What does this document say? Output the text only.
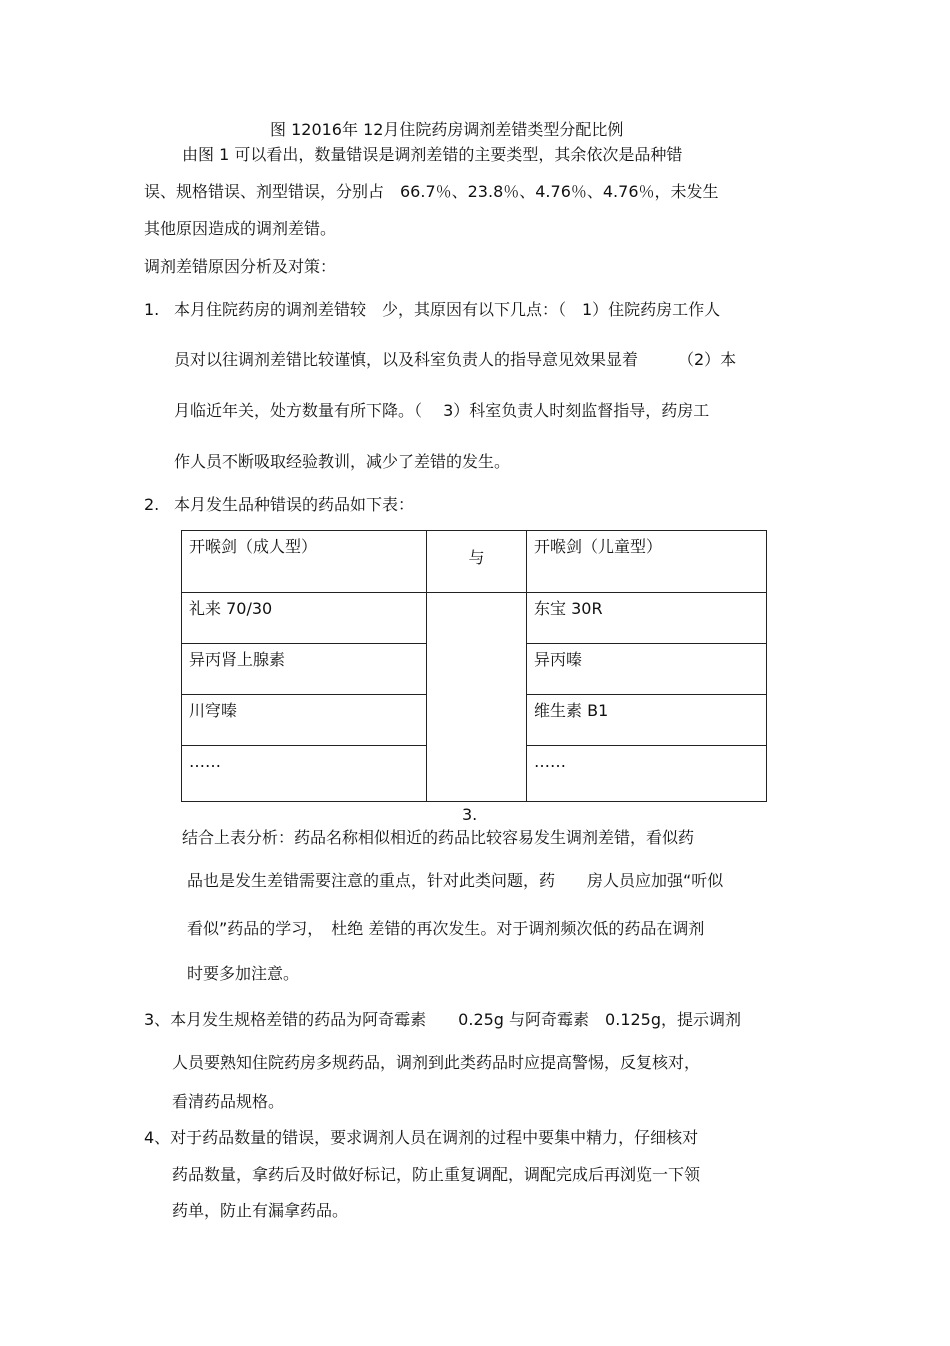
图 12016年 12月住院药房调剂差错类型分配比例
由图 1 可以看出，数量错误是调剂差错的主要类型，其余依次是品种错
误、规格错误、剂型错误，分别占　66.7％、23.8％、4.76％、4.76％，未发生
其他原因造成的调剂差错。
调剂差错原因分析及对策：
1. 本月住院药房的调剂差错较　少，其原因有以下几点：（　1）住院药房工作人
员对以往调剂差错比较谨慎，以及科室负责人的指导意见效果显着　　　（2）本
月临近年关，处方数量有所下降。（　 3）科室负责人时刻监督指导，药房工
作人员不断吸取经验教训，减少了差错的发生。
2. 本月发生品种错误的药品如下表：
开喉剑（成人型）	与	开喉剑（儿童型）
礼来 70/30		东宝 30R
异丙肾上腺素		异丙嗪
川穹嗪		维生素 B1
……		……
3.
结合上表分析：药品名称相似相近的药品比较容易发生调剂差错，看似药
品也是发生差错需要注意的重点，针对此类问题，药　　房人员应加强“听似
看似”药品的学习，　杜绝 差错的再次发生。对于调剂频次低的药品在调剂
时要多加注意。
3、本月发生规格差错的药品为阿奇霉素　　0.25g 与阿奇霉素　0.125g，提示调剂
人员要熟知住院药房多规药品，调剂到此类药品时应提高警惕，反复核对，
看清药品规格。
4、对于药品数量的错误，要求调剂人员在调剂的过程中要集中精力，仔细核对
药品数量，拿药后及时做好标记，防止重复调配，调配完成后再浏览一下领
药单，防止有漏拿药品。
